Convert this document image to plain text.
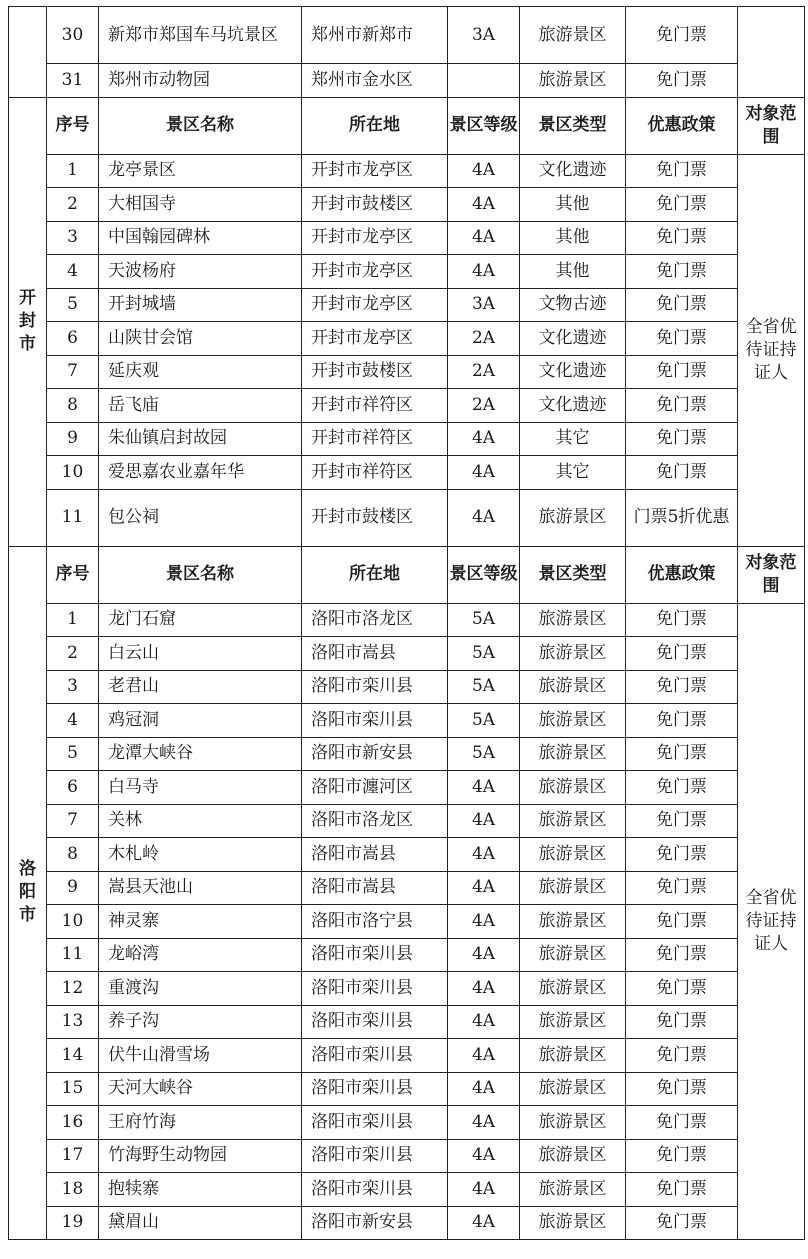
	30	新郑市郑国车马坑景区	郑州市新郑市	3A	旅游景区	免门票	
	31	郑州市动物园	郑州市金水区		旅游景区	免门票	
开封市	序号	景区名称	所在地	景区等级	景区类型	优惠政策	对象范围
	1	龙亭景区	开封市龙亭区	4A	文化遗迹	免门票	全省优待证持证人
	2	大相国寺	开封市鼓楼区	4A	其他	免门票	
	3	中国翰园碑林	开封市龙亭区	4A	其他	免门票	
	4	天波杨府	开封市龙亭区	4A	其他	免门票	
	5	开封城墙	开封市龙亭区	3A	文物古迹	免门票	
	6	山陕甘会馆	开封市龙亭区	2A	文化遗迹	免门票	
	7	延庆观	开封市鼓楼区	2A	文化遗迹	免门票	
	8	岳飞庙	开封市祥符区	2A	文化遗迹	免门票	
	9	朱仙镇启封故园	开封市祥符区	4A	其它	免门票	
	10	爱思嘉农业嘉年华	开封市祥符区	4A	其它	免门票	
	11	包公祠	开封市鼓楼区	4A	旅游景区	门票5折优惠	
洛阳市	序号	景区名称	所在地	景区等级	景区类型	优惠政策	对象范围
	1	龙门石窟	洛阳市洛龙区	5A	旅游景区	免门票	全省优待证持证人
	2	白云山	洛阳市嵩县	5A	旅游景区	免门票	
	3	老君山	洛阳市栾川县	5A	旅游景区	免门票	
	4	鸡冠洞	洛阳市栾川县	5A	旅游景区	免门票	
	5	龙潭大峡谷	洛阳市新安县	5A	旅游景区	免门票	
	6	白马寺	洛阳市瀍河区	4A	旅游景区	免门票	
	7	关林	洛阳市洛龙区	4A	旅游景区	免门票	
	8	木札岭	洛阳市嵩县	4A	旅游景区	免门票	
	9	嵩县天池山	洛阳市嵩县	4A	旅游景区	免门票	
	10	神灵寨	洛阳市洛宁县	4A	旅游景区	免门票	
	11	龙峪湾	洛阳市栾川县	4A	旅游景区	免门票	
	12	重渡沟	洛阳市栾川县	4A	旅游景区	免门票	
	13	养子沟	洛阳市栾川县	4A	旅游景区	免门票	
	14	伏牛山滑雪场	洛阳市栾川县	4A	旅游景区	免门票	
	15	天河大峡谷	洛阳市栾川县	4A	旅游景区	免门票	
	16	王府竹海	洛阳市栾川县	4A	旅游景区	免门票	
	17	竹海野生动物园	洛阳市栾川县	4A	旅游景区	免门票	
	18	抱犊寨	洛阳市栾川县	4A	旅游景区	免门票	
	19	黛眉山	洛阳市新安县	4A	旅游景区	免门票	
